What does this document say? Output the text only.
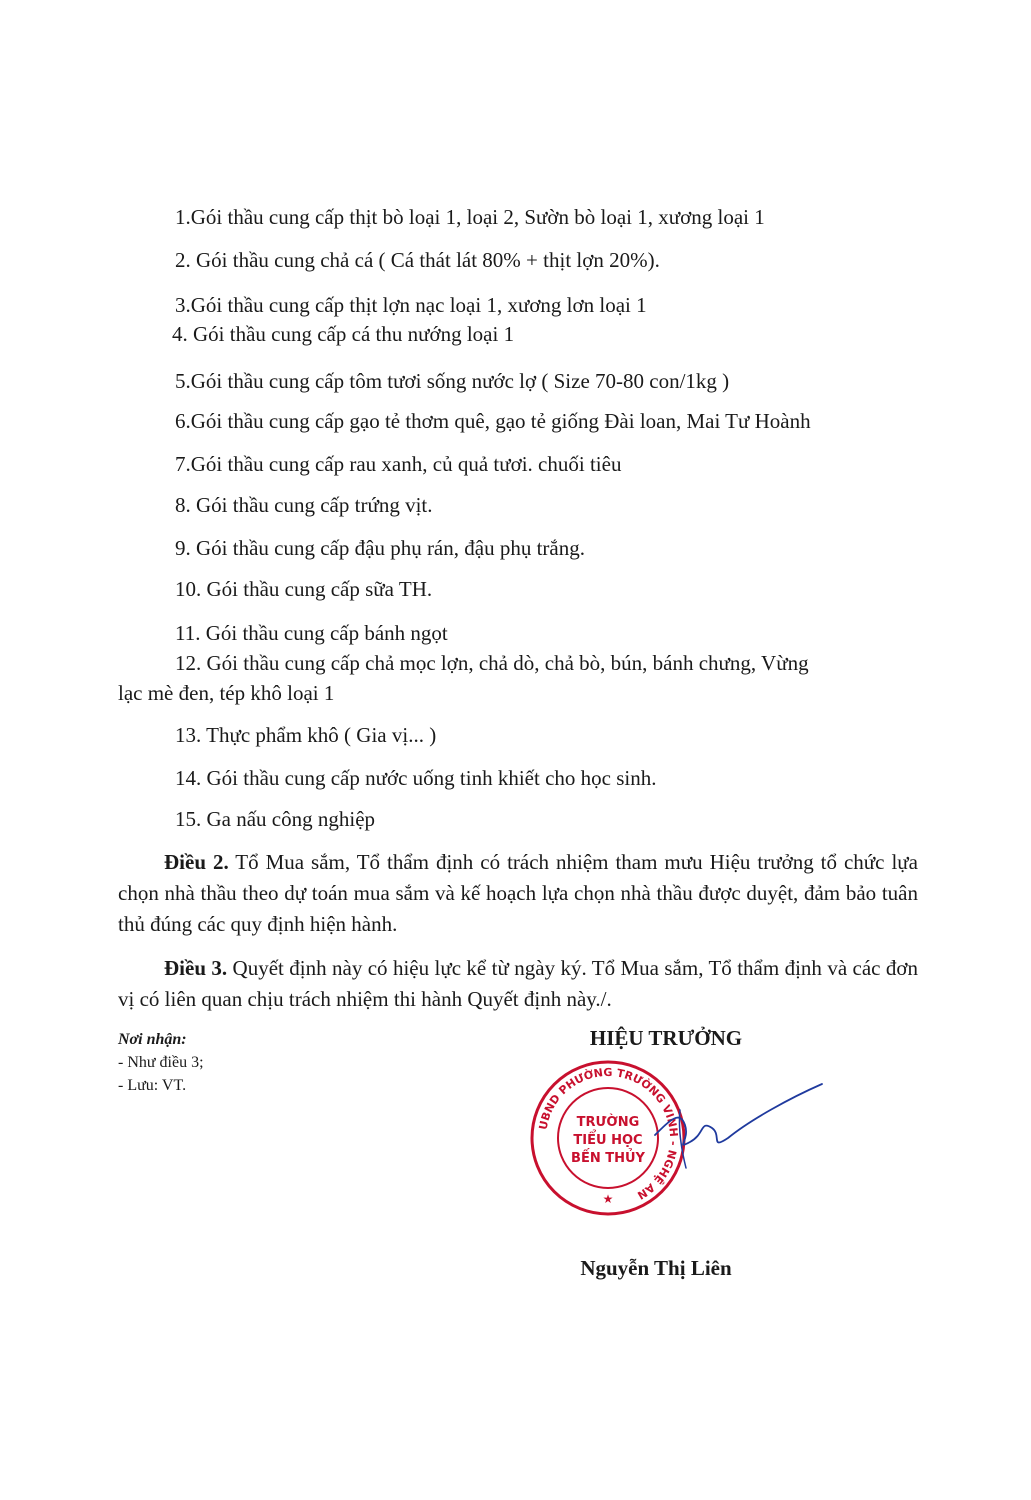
1.Gói thầu cung cấp thịt bò loại 1, loại 2, Sườn bò loại 1, xương loại 1
2. Gói thầu cung chả cá ( Cá thát lát 80% + thịt lợn 20%).
3.Gói thầu cung cấp thịt lợn nạc loại 1, xương lơn loại 1
4. Gói thầu cung cấp cá thu nướng loại 1
5.Gói thầu cung cấp tôm tươi sống nước lợ ( Size 70-80 con/1kg )
6.Gói thầu cung cấp gạo tẻ thơm quê, gạo tẻ giống Đài loan, Mai Tư Hoành
7.Gói thầu cung cấp rau xanh, củ quả tươi. chuối tiêu
8. Gói thầu cung cấp trứng vịt.
9. Gói thầu cung cấp đậu phụ rán, đậu phụ trắng.
10. Gói thầu cung cấp sữa TH.
11. Gói thầu cung cấp bánh ngọt
12. Gói thầu cung cấp chả mọc lợn, chả dò, chả bò, bún, bánh chưng, Vừng
lạc mè đen, tép khô loại 1
13. Thực phẩm khô ( Gia vị... )
14. Gói thầu cung cấp nước uống tinh khiết cho học sinh.
15. Ga nấu công nghiệp
Điều 2. Tổ Mua sắm, Tổ thẩm định có trách nhiệm tham mưu Hiệu trưởng tổ chức lựa chọn nhà thầu theo dự toán mua sắm và kế hoạch lựa chọn nhà thầu được duyệt, đảm bảo tuân thủ đúng các quy định hiện hành.
Điều 3. Quyết định này có hiệu lực kể từ ngày ký. Tổ Mua sắm, Tổ thẩm định và các đơn vị có liên quan chịu trách nhiệm thi hành Quyết định này./.
Nơi nhận:
- Như điều 3;
- Lưu: VT.
HIỆU TRƯỞNG
UBND PHƯỜNG TRƯỜNG VINH - NGHỆ AN
TRƯỜNG
TIỂU HỌC
BẾN THỦY
★
Nguyễn Thị Liên
